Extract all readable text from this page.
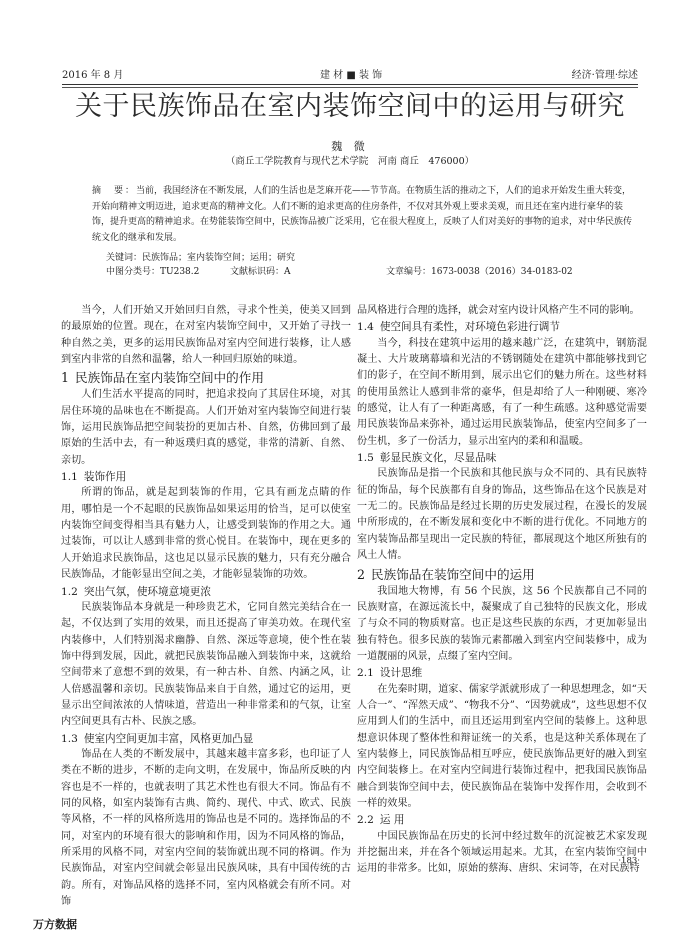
2016 年 8 月	建 材 ■ 装 饰	经济·管理·综述
关于民族饰品在室内装饰空间中的运用与研究
魏 微
（商丘工学院教育与现代艺术学院　河南 商丘　476000）
摘　要：当前，我国经济在不断发展，人们的生活也是芝麻开花——节节高。在物质生活的推动之下，人们的追求开始发生重大转变，开始向精神文明迈进，追求更高的精神文化。人们不断的追求更高的住房条件，不仅对其外观上要求美观，而且还在室内进行豪华的装饰，提升更高的精神追求。在势能装饰空间中，民族饰品被广泛采用，它在很大程度上，反映了人们对美好的事物的追求，对中华民族传统文化的继承和发展。
关键词：民族饰品；室内装饰空间；运用；研究
中图分类号：TU238.2	文献标识码：A	文章编号：1673-0038（2016）34-0183-02

当今，人们开始又开始回归自然，寻求个性美，使美又回到的最原始的位置。现在，在对室内装饰空间中，又开始了寻找一种自然之美，更多的运用民族饰品对室内空间进行装修，让人感到室内非常的自然和温馨，给人一种回归原始的味道。

1 民族饰品在室内装饰空间中的作用

人们生活水平提高的同时，把追求投向了其居住环境，对其居住环境的品味也在不断提高。人们开始对室内装饰空间进行装饰，运用民族饰品把空间装扮的更加古朴、自然，仿佛回到了最原始的生活中去，有一种返璞归真的感觉，非常的清新、自然、亲切。

1.1 装饰作用

所谓的饰品，就是起到装饰的作用，它具有画龙点睛的作用，哪怕是一个不起眼的民族饰品如果运用的恰当，足可以使室内装饰空间变得相当具有魅力人，让感受到装饰的作用之大。通过装饰，可以让人感到非常的赏心悦目。在装饰中，现在更多的人开始追求民族饰品，这也足以显示民族的魅力，只有充分融合民族饰品，才能彰显出空间之美，才能彰显装饰的功效。

1.2 突出气氛，使环境意境更浓

民族装饰品本身就是一种珍贵艺术，它同自然完美结合在一起，不仅达到了实用的效果，而且还提高了审美功效。在现代室内装修中，人们特别渴求幽静、自然、深远等意境，使个性在装饰中得到发展，因此，就把民族装饰品融入到装饰中来，这就给空间带来了意想不到的效果，有一种古朴、自然、内涵之风，让人倍感温馨和亲切。民族装饰品来自于自然，通过它的运用，更显示出空间浓浓的人情味道，营造出一种非常柔和的气氛，让室内空间更具有古朴、民族之感。

1.3 使室内空间更加丰富，风格更加凸显

饰品在人类的不断发展中，其越来越丰富多彩，也印证了人类在不断的进步，不断的走向文明，在发展中，饰品所反映的内容也是不一样的，也就表明了其艺术性也有很大不同。饰品有不同的风格，如室内装饰有古典、简约、现代、中式、欧式、民族等风格，不一样的风格所选用的饰品也是不同的。选择饰品的不同，对室内的环境有很大的影响和作用，因为不同风格的饰品，所采用的风格不同，对室内空间的装饰就出现不同的格调。作为民族饰品，对室内空间就会彰显出民族风味，具有中国传统的古韵。所有，对饰品风格的选择不同，室内风格就会有所不同。对饰

品风格进行合理的选择，就会对室内设计风格产生不同的影响。

1.4 使空间具有柔性，对环境色彩进行调节

当今，科技在建筑中运用的越来越广泛，在建筑中，钢筋混凝土、大片玻璃幕墙和光洁的不锈钢随处在建筑中都能够找到它们的影子，在空间不断用到，展示出它们的魅力所在。这些材料的使用虽然让人感到非常的豪华，但是却给了人一种刚硬、寒冷的感觉，让人有了一种距离感，有了一种生疏感。这种感觉需要用民族装饰品来弥补，通过运用民族装饰品，使室内空间多了一份生机，多了一份活力，显示出室内的柔和和温暖。

1.5 彰显民族文化，尽显品味

民族饰品是指一个民族和其他民族与众不同的、具有民族特征的饰品，每个民族都有自身的饰品，这些饰品在这个民族是对一无二的。民族饰品是经过长期的历史发展过程，在漫长的发展中所形成的，在不断发展和变化中不断的进行优化。不同地方的室内装饰品都呈现出一定民族的特征，都展现这个地区所独有的风土人情。

2 民族饰品在装饰空间中的运用

我国地大物博，有 56 个民族，这 56 个民族都自己不同的民族财富，在源远流长中，凝聚成了自己独特的民族文化，形成了与众不同的物质财富。也正是这些民族的东西，才更加彰显出独有特色。很多民族的装饰元素都融入到室内空间装修中，成为一道靓丽的风景，点缀了室内空间。

2.1 设计思维

在先秦时期，道家、儒家学派就形成了一种思想理念，如“天人合一”、“浑然天成”、“物我不分”、“因势就成”，这些思想不仅应用到人们的生活中，而且还运用到室内空间的装修上。这种思想意识体现了整体性和辩证统一的关系，也是这种关系体现在了室内装修上，同民族饰品相互呼应，使民族饰品更好的融入到室内空间装修上。在对室内空间进行装饰过程中，把我国民族饰品融合到装饰空间中去，使民族饰品在装饰中发挥作用，会收到不一样的效果。

2.2 运 用

中国民族饰品在历史的长河中经过数年的沉淀被艺术家发现并挖掘出来，并在各个领域运用起来。尤其，在室内装饰空间中运用的非常多。比如，原始的蔡海、唐织、宋词等，在对民族特

·183·
万方数据
